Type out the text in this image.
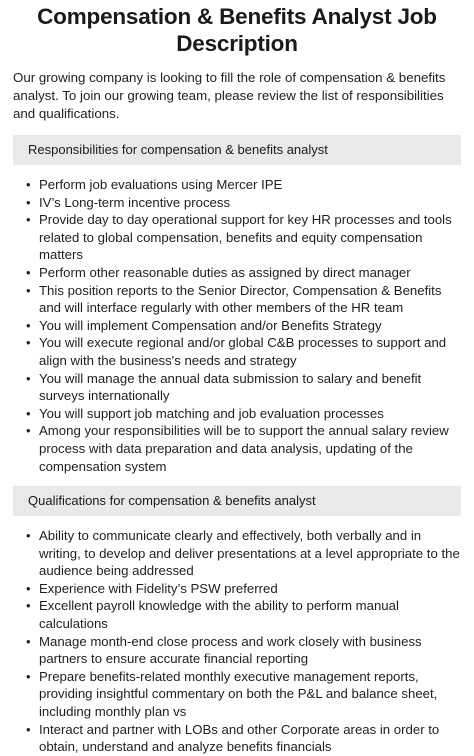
Compensation & Benefits Analyst Job Description

Our growing company is looking to fill the role of compensation & benefits analyst. To join our growing team, please review the list of responsibilities and qualifications.

Responsibilities for compensation & benefits analyst
• Perform job evaluations using Mercer IPE
• IV’s Long-term incentive process
• Provide day to day operational support for key HR processes and tools related to global compensation, benefits and equity compensation matters
• Perform other reasonable duties as assigned by direct manager
• This position reports to the Senior Director, Compensation & Benefits and will interface regularly with other members of the HR team
• You will implement Compensation and/or Benefits Strategy
• You will execute regional and/or global C&B processes to support and align with the business's needs and strategy
• You will manage the annual data submission to salary and benefit surveys internationally
• You will support job matching and job evaluation processes
• Among your responsibilities will be to support the annual salary review process with data preparation and data analysis, updating of the compensation system
Qualifications for compensation & benefits analyst
• Ability to communicate clearly and effectively, both verbally and in writing, to develop and deliver presentations at a level appropriate to the audience being addressed
• Experience with Fidelity’s PSW preferred
• Excellent payroll knowledge with the ability to perform manual calculations
• Manage month-end close process and work closely with business partners to ensure accurate financial reporting
• Prepare benefits-related monthly executive management reports, providing insightful commentary on both the P&L and balance sheet, including monthly plan vs
• Interact and partner with LOBs and other Corporate areas in order to obtain, understand and analyze benefits financials
